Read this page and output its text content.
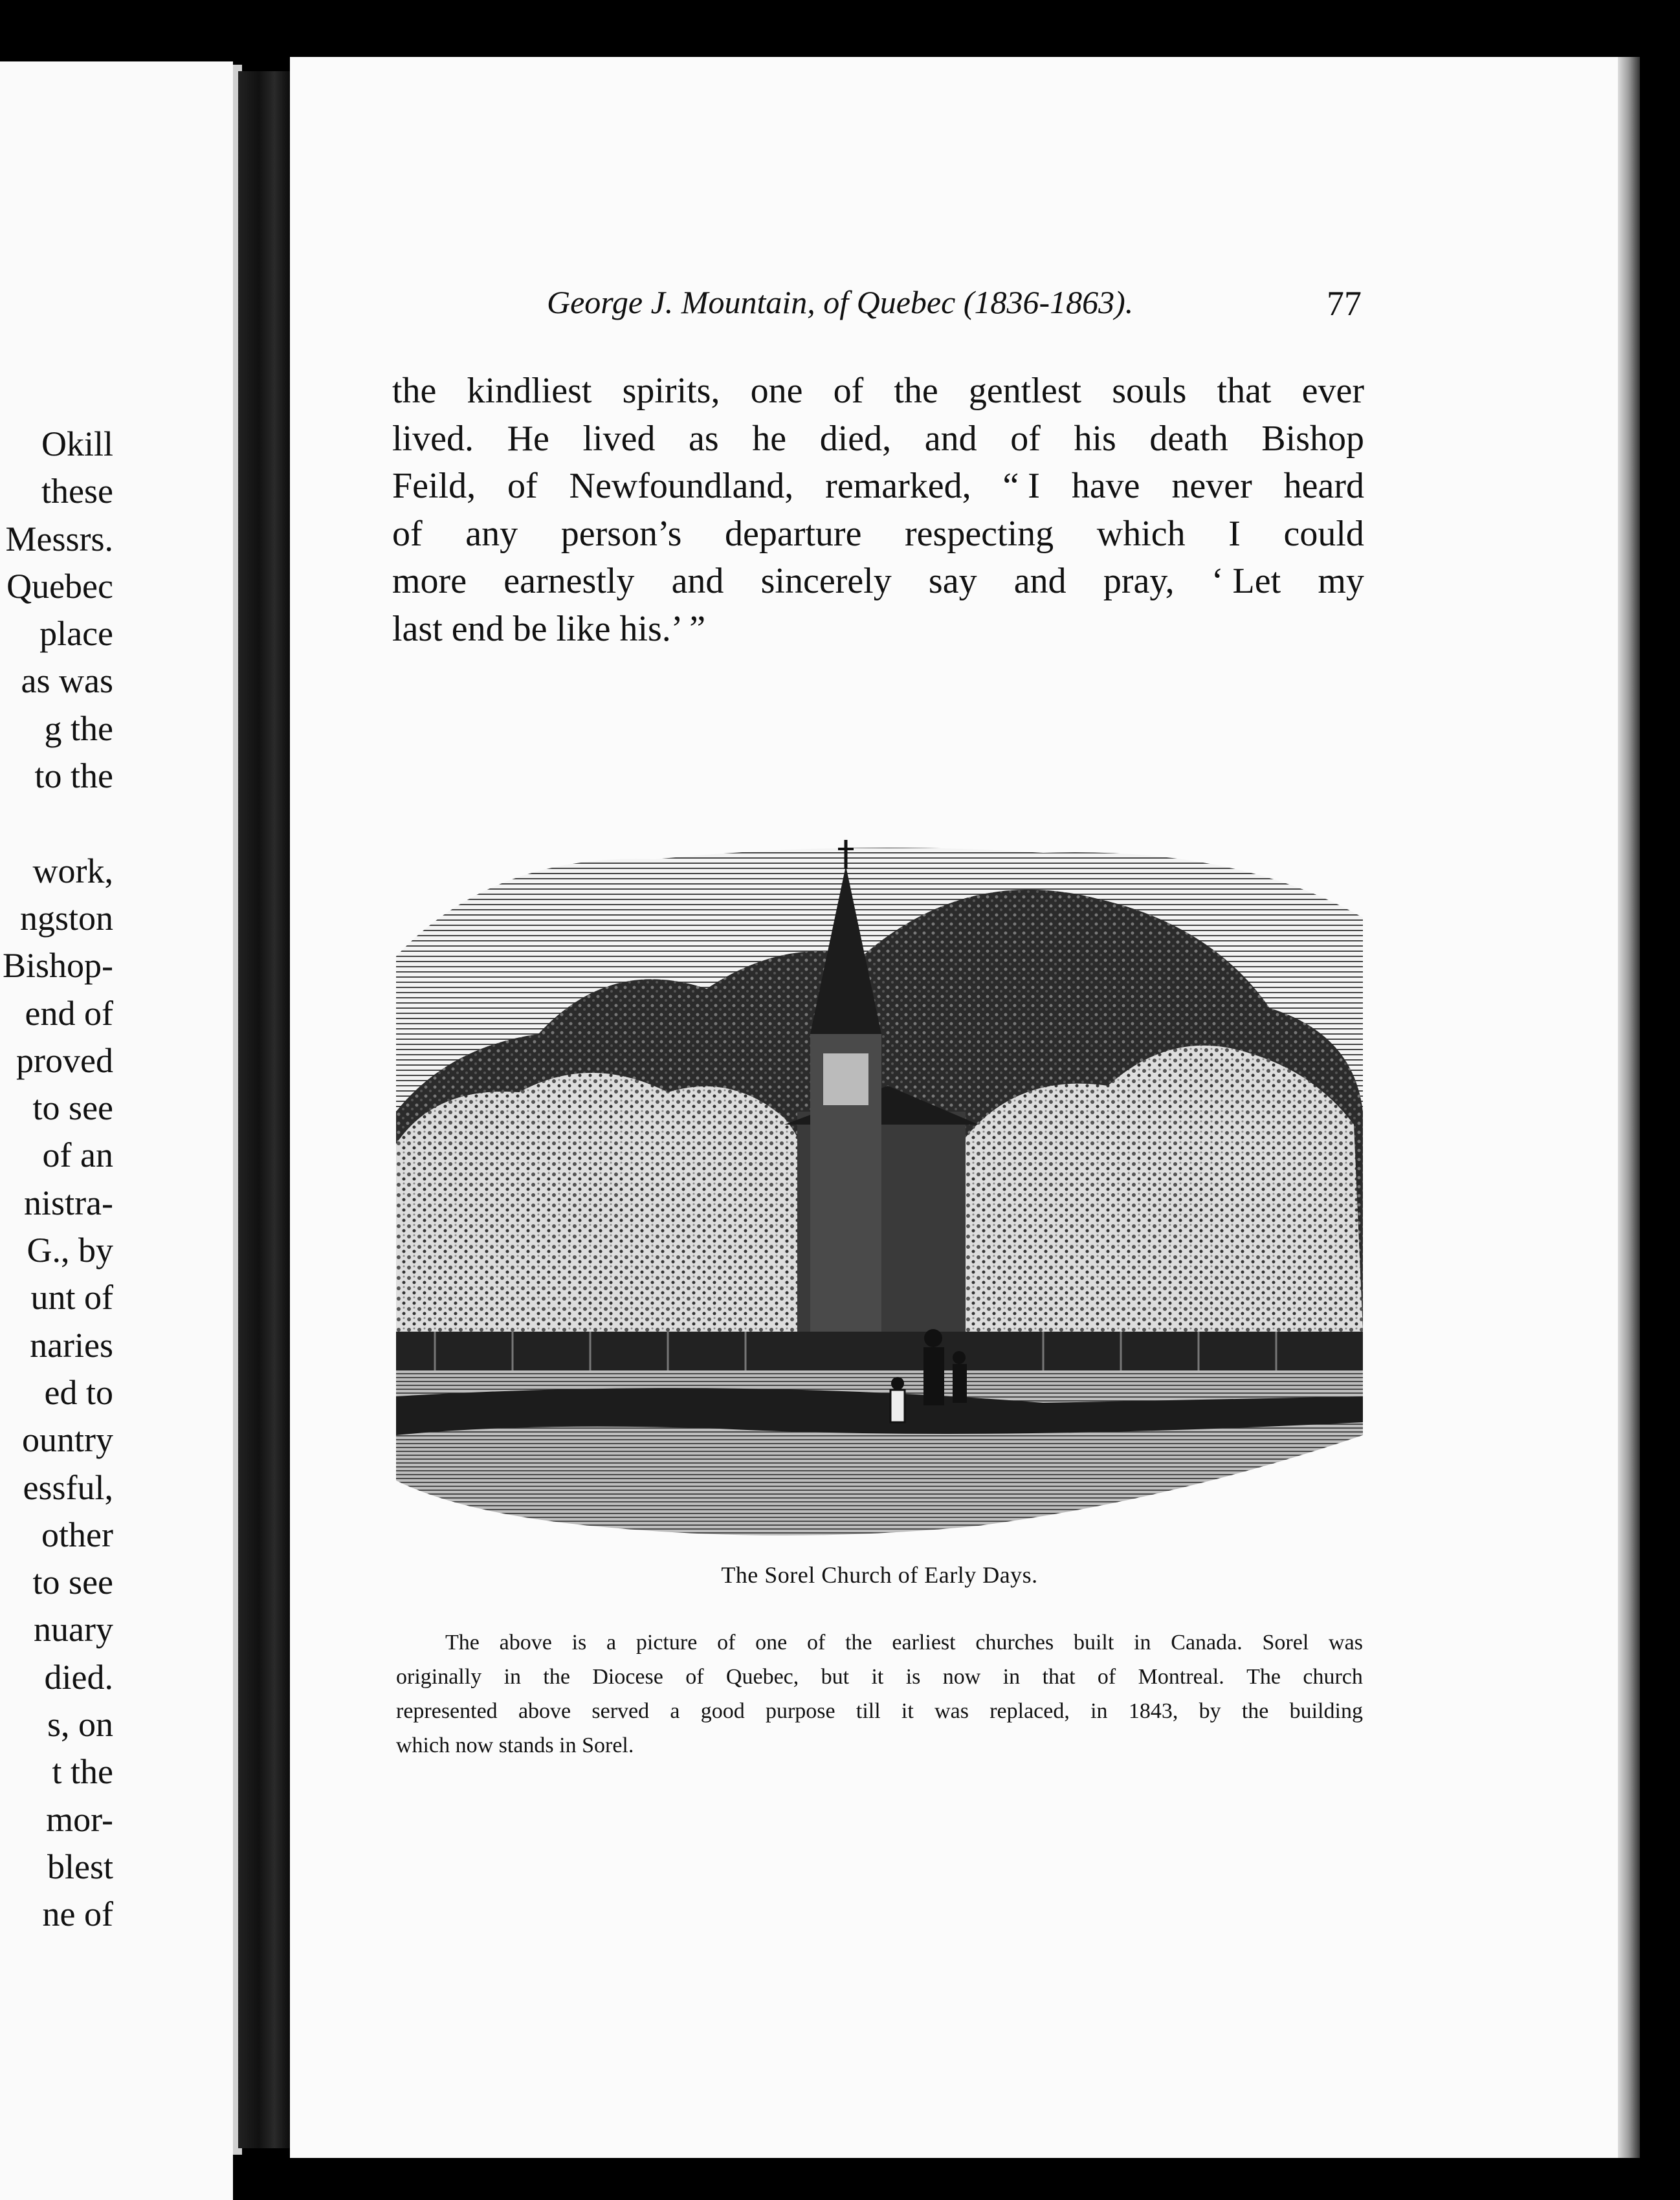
Okill
these
Messrs.
Quebec
place
as was
g the
to the
work,
ngston
Bishop-
end of
proved
to see
of an
nistra-
G., by
unt of
naries
ed to
ountry
essful,
other
to see
nuary
died.
s, on
t the
mor-
blest
ne of
George J. Mountain, of Quebec (1836-1863).	77
the kindliest spirits, one of the gentlest souls that ever
lived. He lived as he died, and of his death Bishop
Feild, of Newfoundland, remarked, “ I have never heard
of any person’s departure respecting which I could
more earnestly and sincerely say and pray, ‘ Let my
last end be like his.’ ”
The Sorel Church of Early Days.
The above is a picture of one of the earliest churches built in Canada. Sorel was
originally in the Diocese of Quebec, but it is now in that of Montreal. The church
represented above served a good purpose till it was replaced, in 1843, by the building
which now stands in Sorel.
